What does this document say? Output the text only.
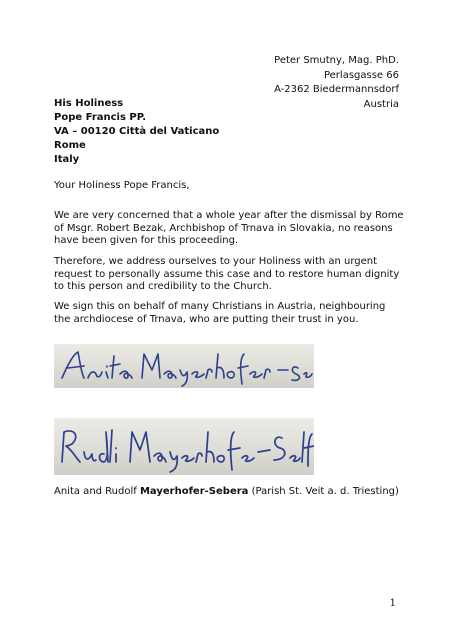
Peter Smutny, Mag. PhD.
Perlasgasse 66
A-2362 Biedermannsdorf
Austria
His Holiness
Pope Francis PP.
VA – 00120 Città del Vaticano
Rome
Italy
Your Holiness Pope Francis,

We are very concerned that a whole year after the dismissal by Rome of Msgr. Robert Bezak, Archbishop of Trnava in Slovakia, no reasons have been given for this proceeding.

Therefore, we address ourselves to your Holiness with an urgent request to personally assume this case and to restore human dignity to this person and credibility to the Church.

We sign this on behalf of many Christians in Austria, neighbouring the archdiocese of Trnava, who are putting their trust in you.

Anita and Rudolf Mayerhofer-Sebera (Parish St. Veit a. d. Triesting)
1
